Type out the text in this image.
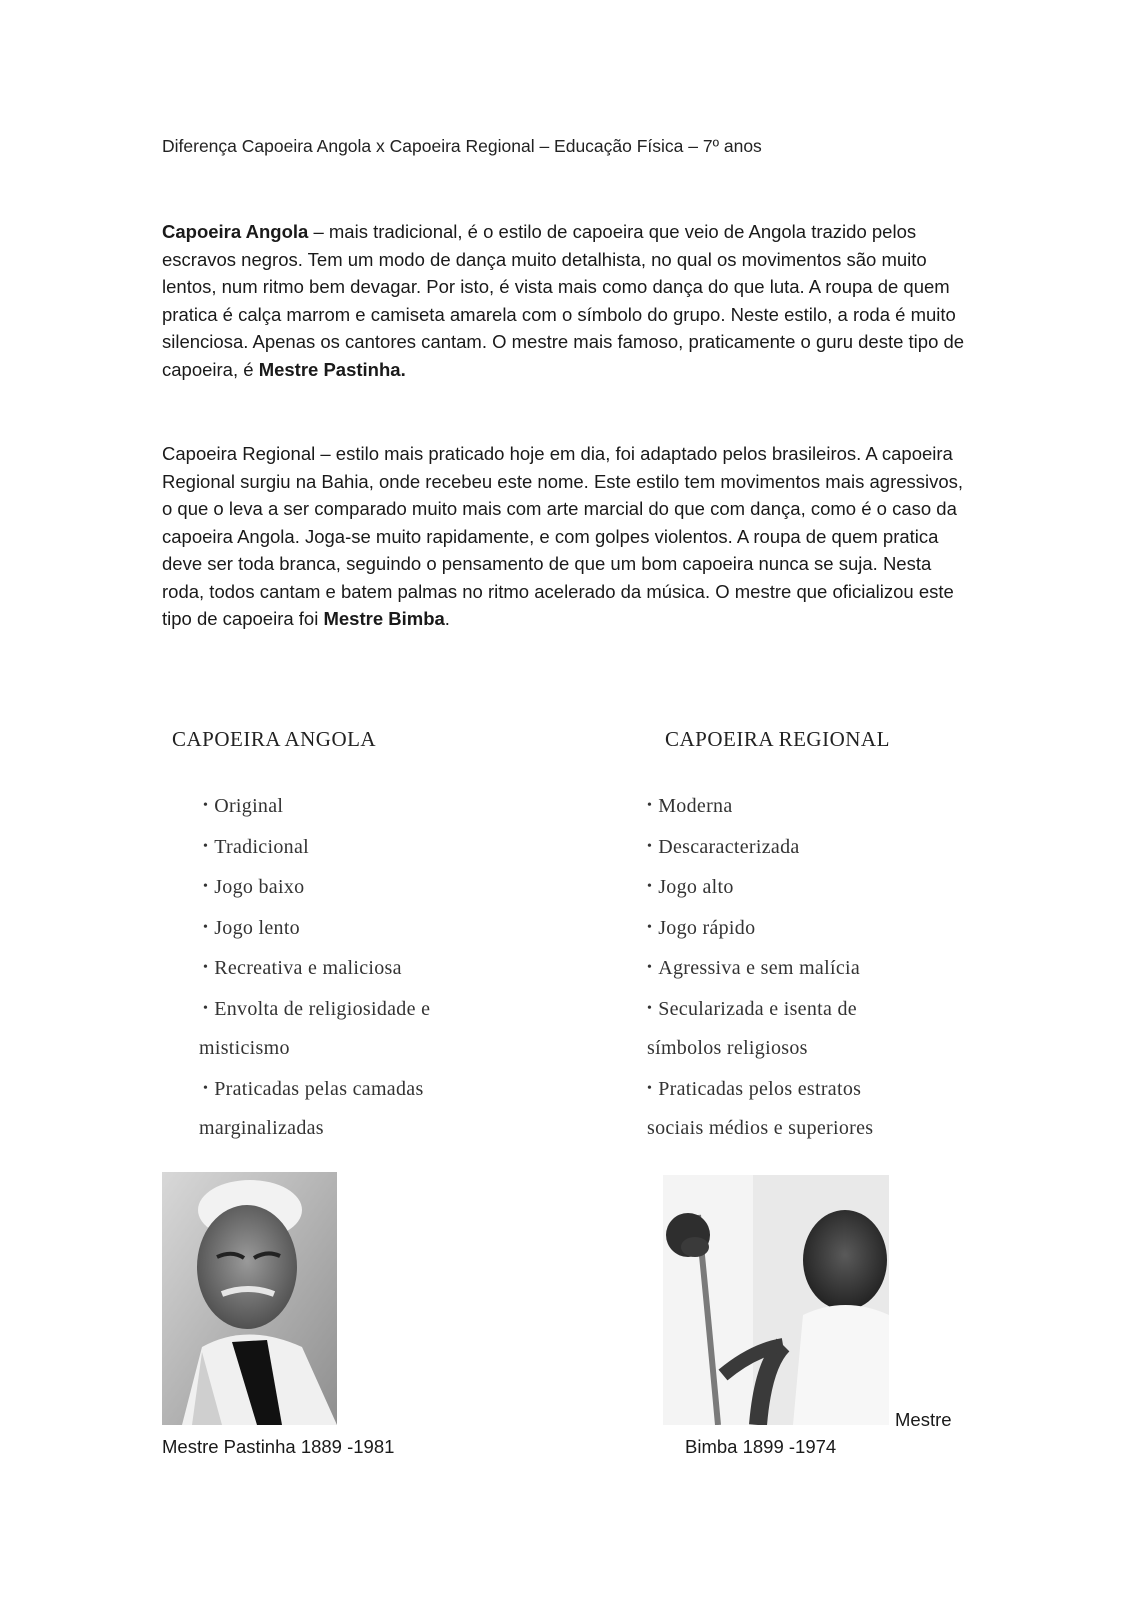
Diferença Capoeira Angola x Capoeira Regional – Educação Física – 7º anos

Capoeira Angola – mais tradicional, é o estilo de capoeira que veio de Angola trazido pelos escravos negros. Tem um modo de dança muito detalhista, no qual os movimentos são muito lentos, num ritmo bem devagar. Por isto, é vista mais como dança do que luta. A roupa de quem pratica é calça marrom e camiseta amarela com o símbolo do grupo. Neste estilo, a roda é muito silenciosa. Apenas os cantores cantam. O mestre mais famoso, praticamente o guru deste tipo de capoeira, é Mestre Pastinha.

Capoeira Regional – estilo mais praticado hoje em dia, foi adaptado pelos brasileiros. A capoeira Regional surgiu na Bahia, onde recebeu este nome. Este estilo tem movimentos mais agressivos, o que o leva a ser comparado muito mais com arte marcial do que com dança, como é o caso da capoeira Angola. Joga-se muito rapidamente, e com golpes violentos. A roupa de quem pratica deve ser toda branca, seguindo o pensamento de que um bom capoeira nunca se suja. Nesta roda, todos cantam e batem palmas no ritmo acelerado da música. O mestre que oficializou este tipo de capoeira foi Mestre Bimba.

CAPOEIRA ANGOLA
• Original
• Tradicional
• Jogo baixo
• Jogo lento
• Recreativa e maliciosa
• Envolta de religiosidade e
misticismo
• Praticadas pelas camadas
marginalizadas
CAPOEIRA REGIONAL
• Moderna
• Descaracterizada
• Jogo alto
• Jogo rápido
• Agressiva e sem malícia
• Secularizada e isenta de
símbolos religiosos
• Praticadas pelos estratos
sociais médios e superiores
Mestre Pastinha 1889 -1981
Mestre
Bimba 1899 -1974
